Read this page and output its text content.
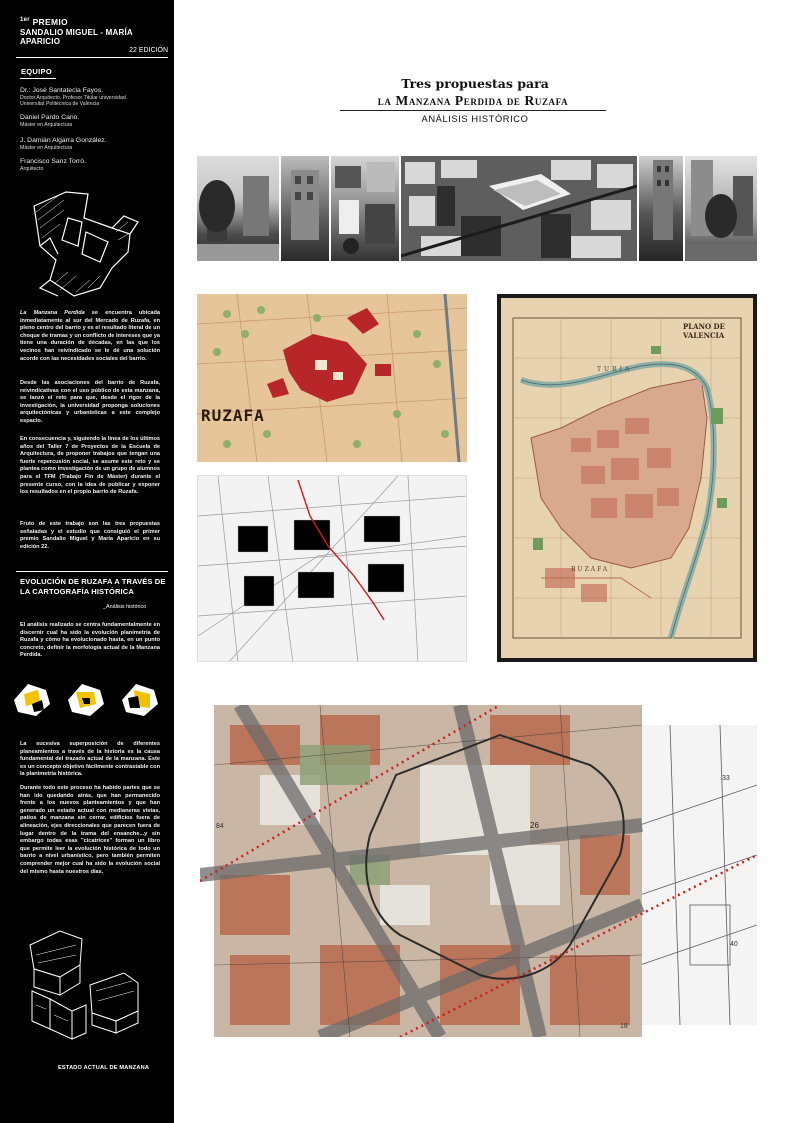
$^{1er}$ PREMIO
SANDALIO MIGUEL - MARÍA APARICIO
22 EDICIÓN
EQUIPO
Dr.: José Santatecla Fayos.
Doctor Arquitecto. Profesor Titular universidad.
Universitat Politècnica de València
Daniel Pardo Cano.
Máster en Arquitectura
J. Damián Algarra González.
Máster en Arquitectura
Francisco Sanz Torró.
Arquitecto
La Manzana Perdida se encuentra ubicada inmediatamente al sur del Mercado de Ruzafa, en pleno centro del barrio y es el resultado literal de un choque de tramas y un conflicto de intereses que ya tiene una duración de décadas, en las que los vecinos han reivindicado se le dé una solución acorde con las necesidades sociales del barrio.
Desde las asociaciones del barrio de Ruzafa, reivindicativas con el uso público de esta manzana, se lanzó el reto para que, desde el rigor de la investigación, la universidad proponga soluciones arquitectónicas y urbanísticas a este complejo espacio.
En consecuencia y, siguiendo la línea de los últimos años del Taller 7 de Proyectos de la Escuela de Arquitectura, de proponer trabajos que tengan una fuerte repercusión social, se asume este reto y se plantea como investigación de un grupo de alumnos para el TFM (Trabajo Fin de Máster) durante el presente curso, con la idea de publicar y exponer los resultados en el propio barrio de Ruzafa.
Fruto de este trabajo son las tres propuestas señaladas y el estudio que consiguió el primer premio Sandalio Miguel y María Aparicio en su edición 22.
EVOLUCIÓN DE RUZAFA A TRAVÉS DE LA CARTOGRAFÍA HISTÓRICA
_Análisis histórico
El análisis realizado se centra fundamentalmente en discernir cual ha sido la evolución planimetría de Ruzafa y cómo ha evolucionado hasta, en un punto concreto, definir la morfología actual de la Manzana Perdida.
La sucesiva superposición de diferentes planeamientos a través de la historia es la causa fundamental del trazado actual de la manzana. Este es un concepto objetivo fácilmente contrastable con la planimetría histórica.
Durante todo este proceso ha habido partes que se han ido quedando atrás, que han permanecido frente a los nuevos planteamientos y que han generado un estado actual con medianeras vistas, patios de manzana sin cerrar, edificios fuera de alineación, ejes direccionales que parecen fuera de lugar dentro de la trama del ensanche...y sin embargo todas esas "cicatrices" forman un libro que permite leer la evolución histórica de todo un barrio a nivel urbanístico, pero también permiten comprender mejor cual ha sido la evolución social del mismo hasta nuestros días.
ESTADO ACTUAL DE MANZANA
Tres propuestas para
la Manzana Perdida de Ruzafa
ANÁLISIS HISTÓRICO
RUZAFA
PLANO DE VALENCIA
TURIA
RUZAFA
33
40
18
84	26
